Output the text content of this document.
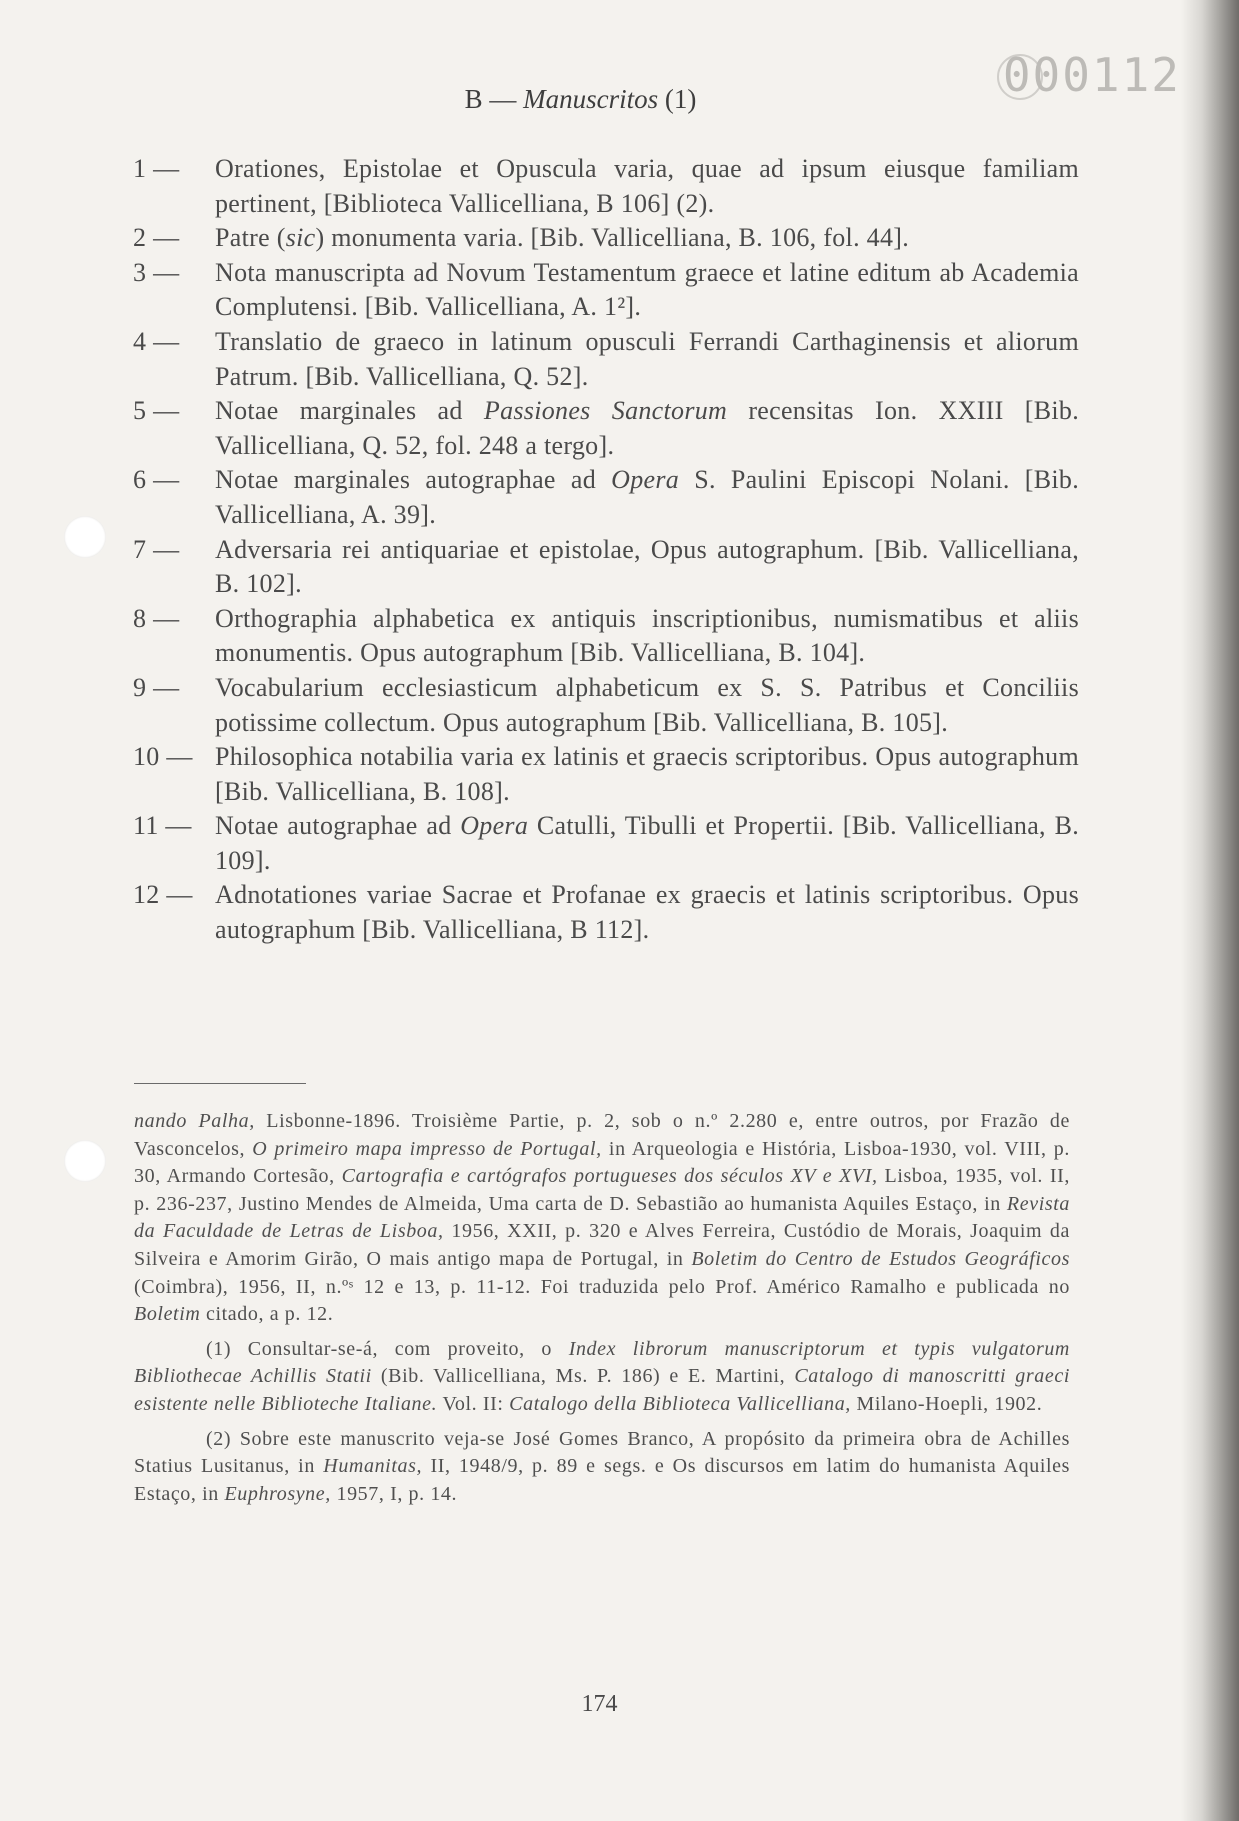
000112
B — Manuscritos (1)
1 —	Orationes, Epistolae et Opuscula varia, quae ad ipsum eiusque familiam pertinent, [Biblioteca Vallicelliana, B 106] (2).
2 —	Patre (sic) monumenta varia. [Bib. Vallicelliana, B. 106, fol. 44].
3 —	Nota manuscripta ad Novum Testamentum graece et latine editum ab Academia Complutensi. [Bib. Vallicelliana, A. 1²].
4 —	Translatio de graeco in latinum opusculi Ferrandi Carthaginensis et aliorum Patrum. [Bib. Vallicelliana, Q. 52].
5 —	Notae marginales ad Passiones Sanctorum recensitas Ion. XXIII [Bib. Vallicelliana, Q. 52, fol. 248 a tergo].
6 —	Notae marginales autographae ad Opera S. Paulini Episcopi Nolani. [Bib. Vallicelliana, A. 39].
7 —	Adversaria rei antiquariae et epistolae, Opus autographum. [Bib. Vallicelliana, B. 102].
8 —	Orthographia alphabetica ex antiquis inscriptionibus, numismatibus et aliis monumentis. Opus autographum [Bib. Vallicelliana, B. 104].
9 —	Vocabularium ecclesiasticum alphabeticum ex S. S. Patribus et Conciliis potissime collectum. Opus autographum [Bib. Vallicelliana, B. 105].
10 — Philosophica notabilia varia ex latinis et graecis scriptoribus. Opus autographum [Bib. Vallicelliana, B. 108].
11 — Notae autographae ad Opera Catulli, Tibulli et Propertii. [Bib. Vallicelliana, B. 109].
12 — Adnotationes variae Sacrae et Profanae ex graecis et latinis scriptoribus. Opus autographum [Bib. Vallicelliana, B 112].

nando Palha, Lisbonne-1896. Troisième Partie, p. 2, sob o n.º 2.280 e, entre outros, por Frazão de Vasconcelos, O primeiro mapa impresso de Portugal, in Arqueologia e História, Lisboa-1930, vol. VIII, p. 30, Armando Cortesão, Cartografia e cartógrafos portugueses dos séculos XV e XVI, Lisboa, 1935, vol. II, p. 236-237, Justino Mendes de Almeida, Uma carta de D. Sebastião ao humanista Aquiles Estaço, in Revista da Faculdade de Letras de Lisboa, 1956, XXII, p. 320 e Alves Ferreira, Custódio de Morais, Joaquim da Silveira e Amorim Girão, O mais antigo mapa de Portugal, in Boletim do Centro de Estudos Geográficos (Coimbra), 1956, II, n.ºˢ 12 e 13, p. 11-12. Foi traduzida pelo Prof. Américo Ramalho e publicada no Boletim citado, a p. 12.

(1) Consultar-se-á, com proveito, o Index librorum manuscriptorum et typis vulgatorum Bibliothecae Achillis Statii (Bib. Vallicelliana, Ms. P. 186) e E. Martini, Catalogo di manoscritti graeci esistente nelle Biblioteche Italiane. Vol. II: Catalogo della Biblioteca Vallicelliana, Milano-Hoepli, 1902.

(2) Sobre este manuscrito veja-se José Gomes Branco, A propósito da primeira obra de Achilles Statius Lusitanus, in Humanitas, II, 1948/9, p. 89 e segs. e Os discursos em latim do humanista Aquiles Estaço, in Euphrosyne, 1957, I, p. 14.

174
